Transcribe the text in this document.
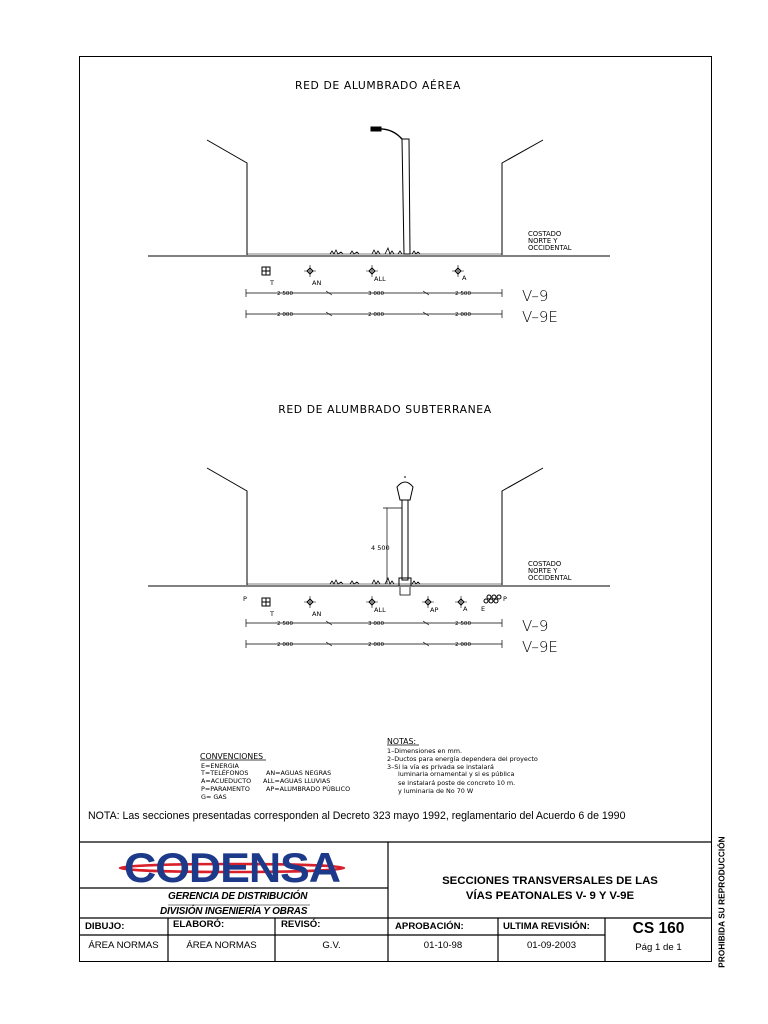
RED DE ALUMBRADO AÉREA
COSTADO
NORTE Y
OCCIDENTAL
T	AN	ALL	A
2 500	3 000	2 500
2 000	2 000	2 000
V–9
V–9E
RED DE ALUMBRADO SUBTERRANEA
4 500
COSTADO
NORTE Y
OCCIDENTAL
P	P
T	AN	ALL	AP	A E
2 500	3 000	2 500
2 000	2 000	2 000
V–9
V–9E
CONVENCIONES
E=ENERGIA
T=TELÉFONOS
A=ACUEDUCTO
P=PARAMENTO
G= GAS
AN=AGUAS NEGRAS
ALL=AGUAS LLUVIAS
AP=ALUMBRADO PÚBLICO
NOTAS:
1–Dimensiones en mm.
2–Ductos para energía dependera del proyecto
3–Si la vía es privada se instalará
luminaria ornamental y si es pública
se instalará poste de concreto 10 m.
y luminaria de No 70 W
CODENSA
NOTA: Las secciones presentadas corresponden al Decreto 323 mayo 1992, reglamentario del Acuerdo 6 de 1990
PROHIBIDA SU REPRODUCCIÓN
GERENCIA DE DISTRIBUCIÓN
DIVISIÓN INGENIERÍA Y OBRAS
SECCIONES TRANSVERSALES DE LAS
VÍAS PEATONALES V- 9 Y V-9E
DIBUJO:	ELABORÓ:	REVISÓ:	APROBACIÓN:	ULTIMA REVISIÓN:
ÁREA NORMAS	ÁREA NORMAS	G.V.	01-10-98	01-09-2003
CS 160
Pág 1 de 1
